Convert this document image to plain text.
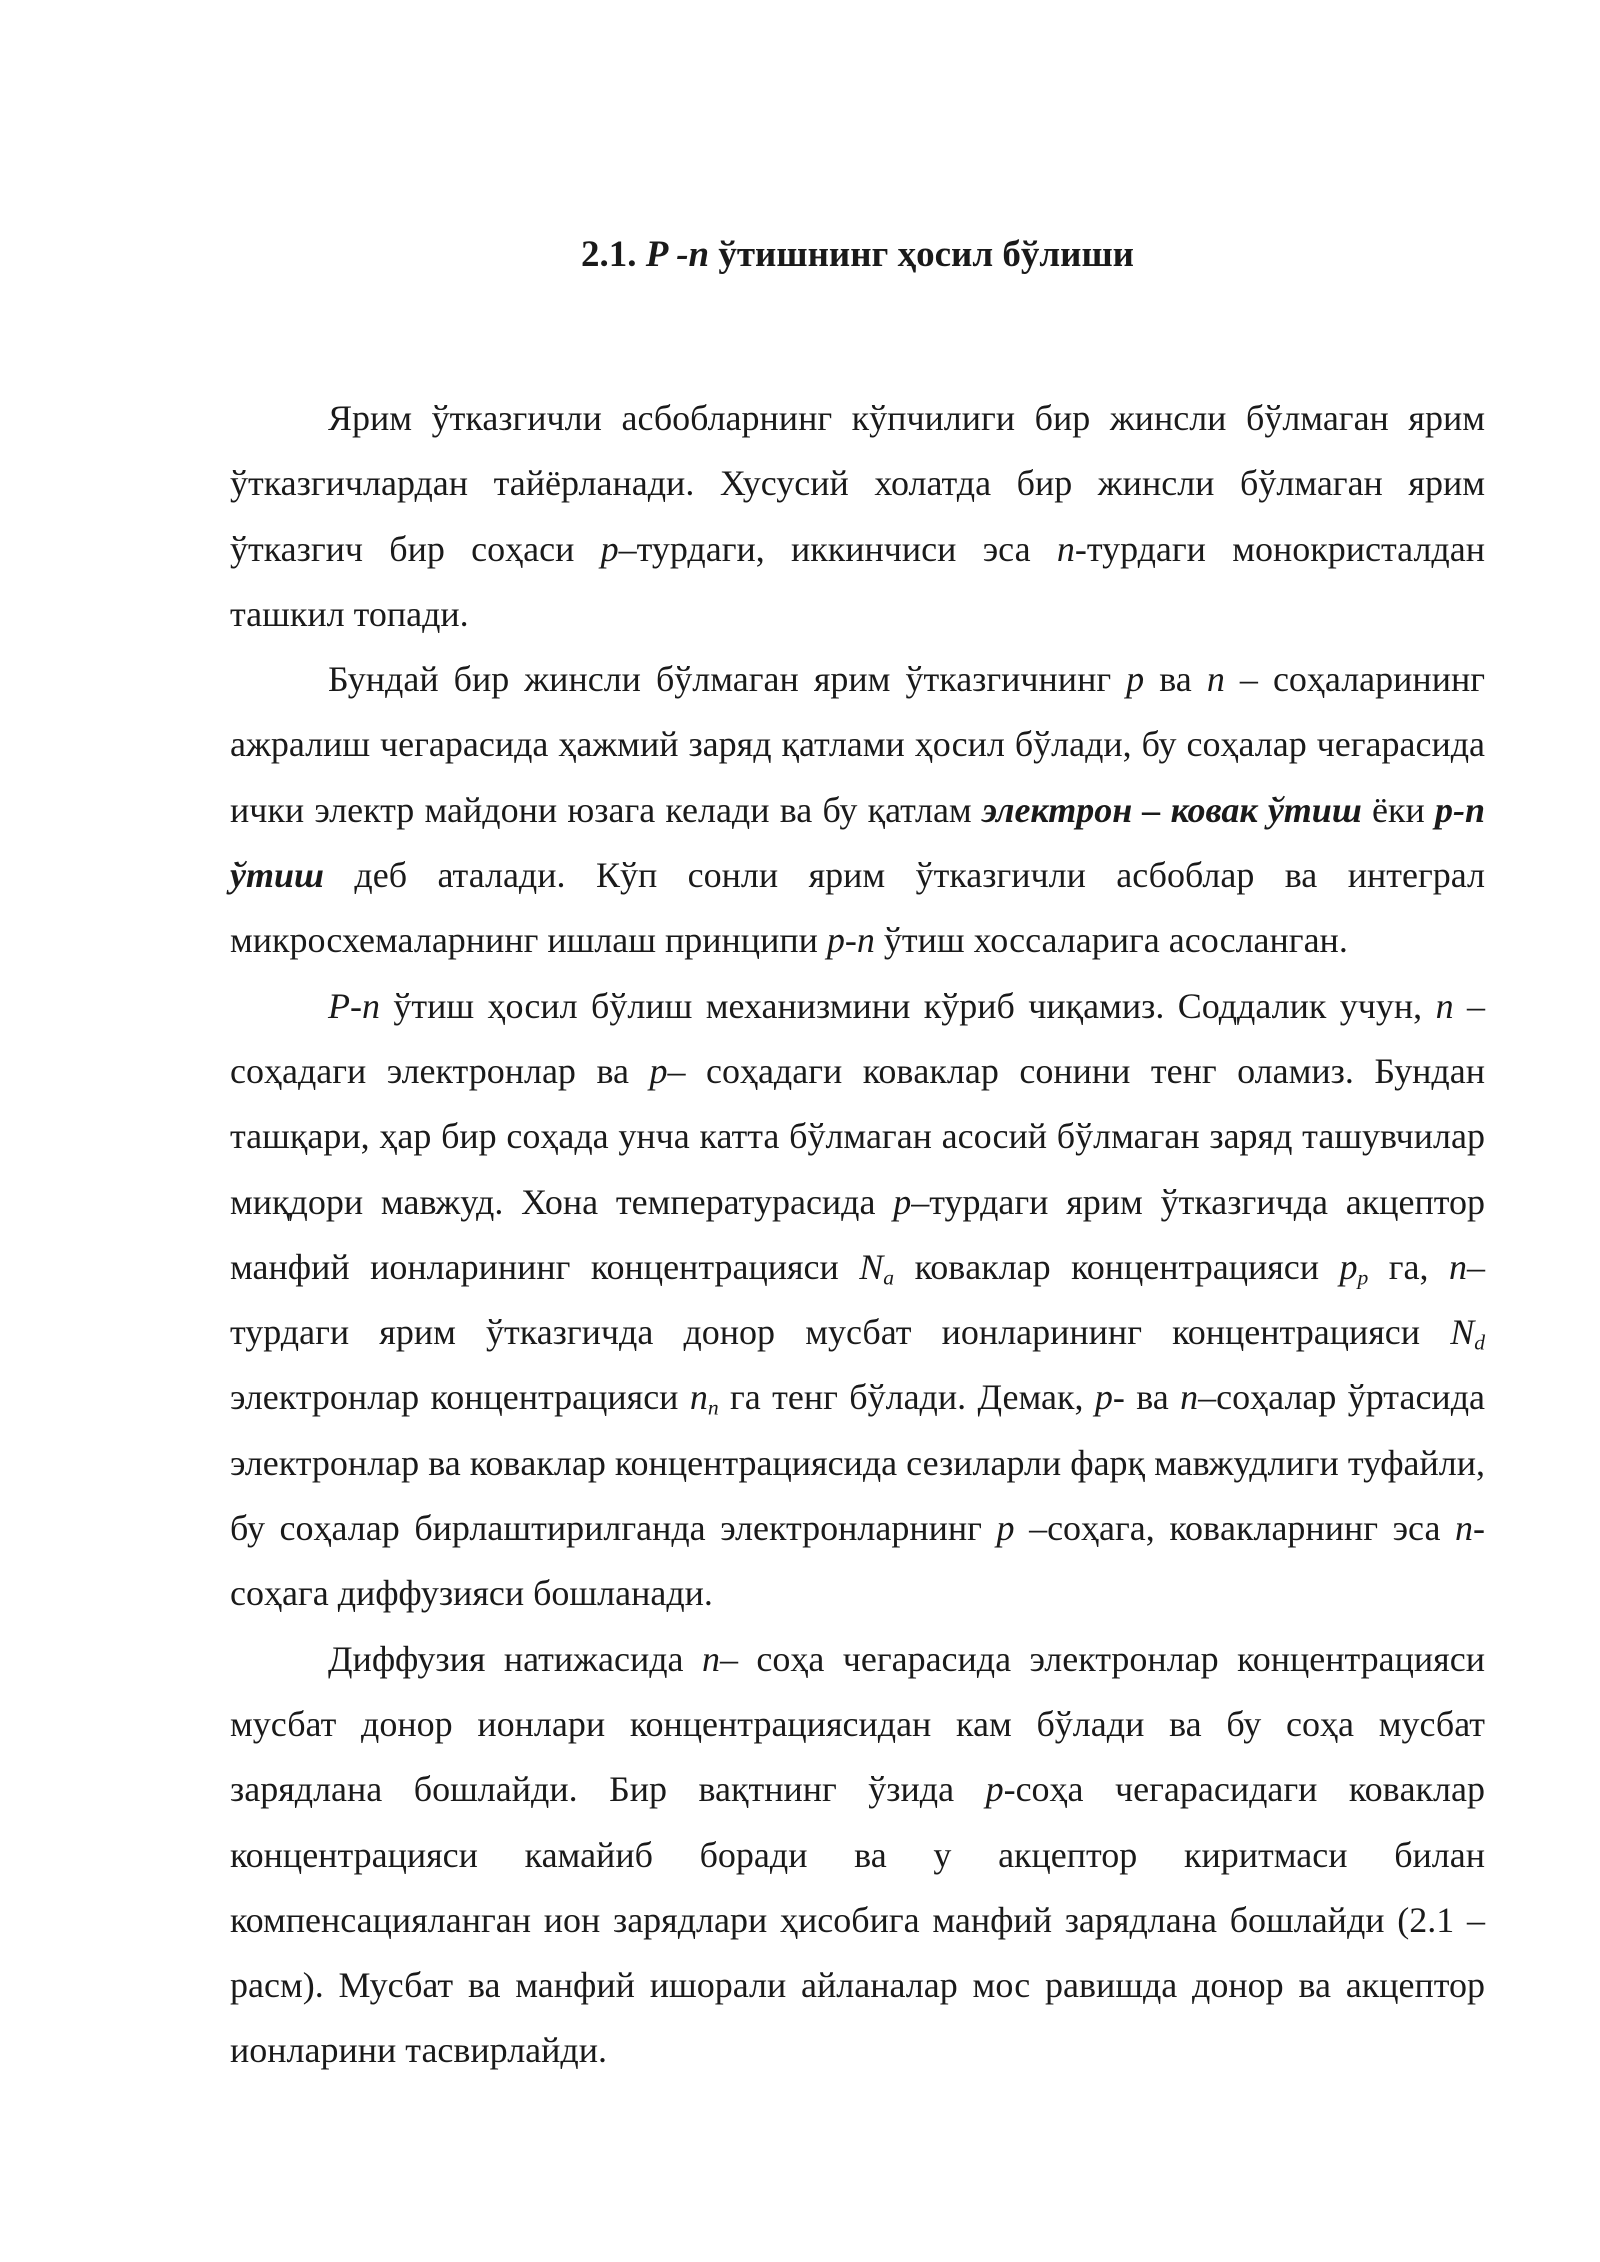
2.1. P -n ўтишнинг ҳосил бўлиши

Ярим ўтказгичли асбобларнинг кўпчилиги бир жинсли бўлмаган ярим ўтказгичлардан тайёрланади. Хусусий холатда бир жинсли бўлмаган ярим ўтказгич бир соҳаси p–турдаги, иккинчиси эса n-турдаги монокристалдан ташкил топади.

Бундай бир жинсли бўлмаган ярим ўтказгичнинг p ва n – соҳаларининг ажралиш чегарасида ҳажмий заряд қатлами ҳосил бўлади, бу соҳалар чегарасида ички электр майдони юзага келади ва бу қатлам электрон – ковак ўтиш ёки p-n ўтиш деб аталади. Кўп сонли ярим ўтказгичли асбоблар ва интеграл микросхемаларнинг ишлаш принципи p-n ўтиш хоссаларига асосланган.

P-n ўтиш ҳосил бўлиш механизмини кўриб чиқамиз. Соддалик учун, n –соҳадаги электронлар ва p– соҳадаги ковaклар сонини тенг оламиз. Бундан ташқари, ҳар бир соҳада унча катта бўлмаган асосий бўлмаган заряд ташувчилар миқдори мавжуд. Хона температурасида p–турдаги ярим ўтказгичда акцептор манфий ионларининг концентрацияси $N_a$ ковaклар концентрацияси $p_p$ га, n–турдаги ярим ўтказгичда донор мусбат ионларининг концентрацияси $N_d$ электронлар концентрацияси $n_n$ га тенг бўлади. Демак, p- ва n–соҳалар ўртасида электронлар ва ковaклар концентрациясида сезиларли фарқ мавжудлиги туфайли, бу соҳалар бирлаштирилганда электронларнинг p –соҳага, ковaкларнинг эса n-соҳага диффузияси бошланади.

Диффузия натижасида n– соҳа чегарасида электронлар концентрацияси мусбат донор ионлари концентрациясидан кам бўлади ва бу соҳа мусбат зарядлана бошлайди. Бир вақтнинг ўзида p-соҳа чегарасидаги ковaклар концентрацияси камайиб боради ва у акцептор киритмаси билан компенсацияланган ион зарядлари ҳисобига манфий зарядлана бошлайди (2.1 –расм). Мусбат ва манфий ишорали айланалар мос равишда донор ва акцептор ионларини тасвирлайди.
